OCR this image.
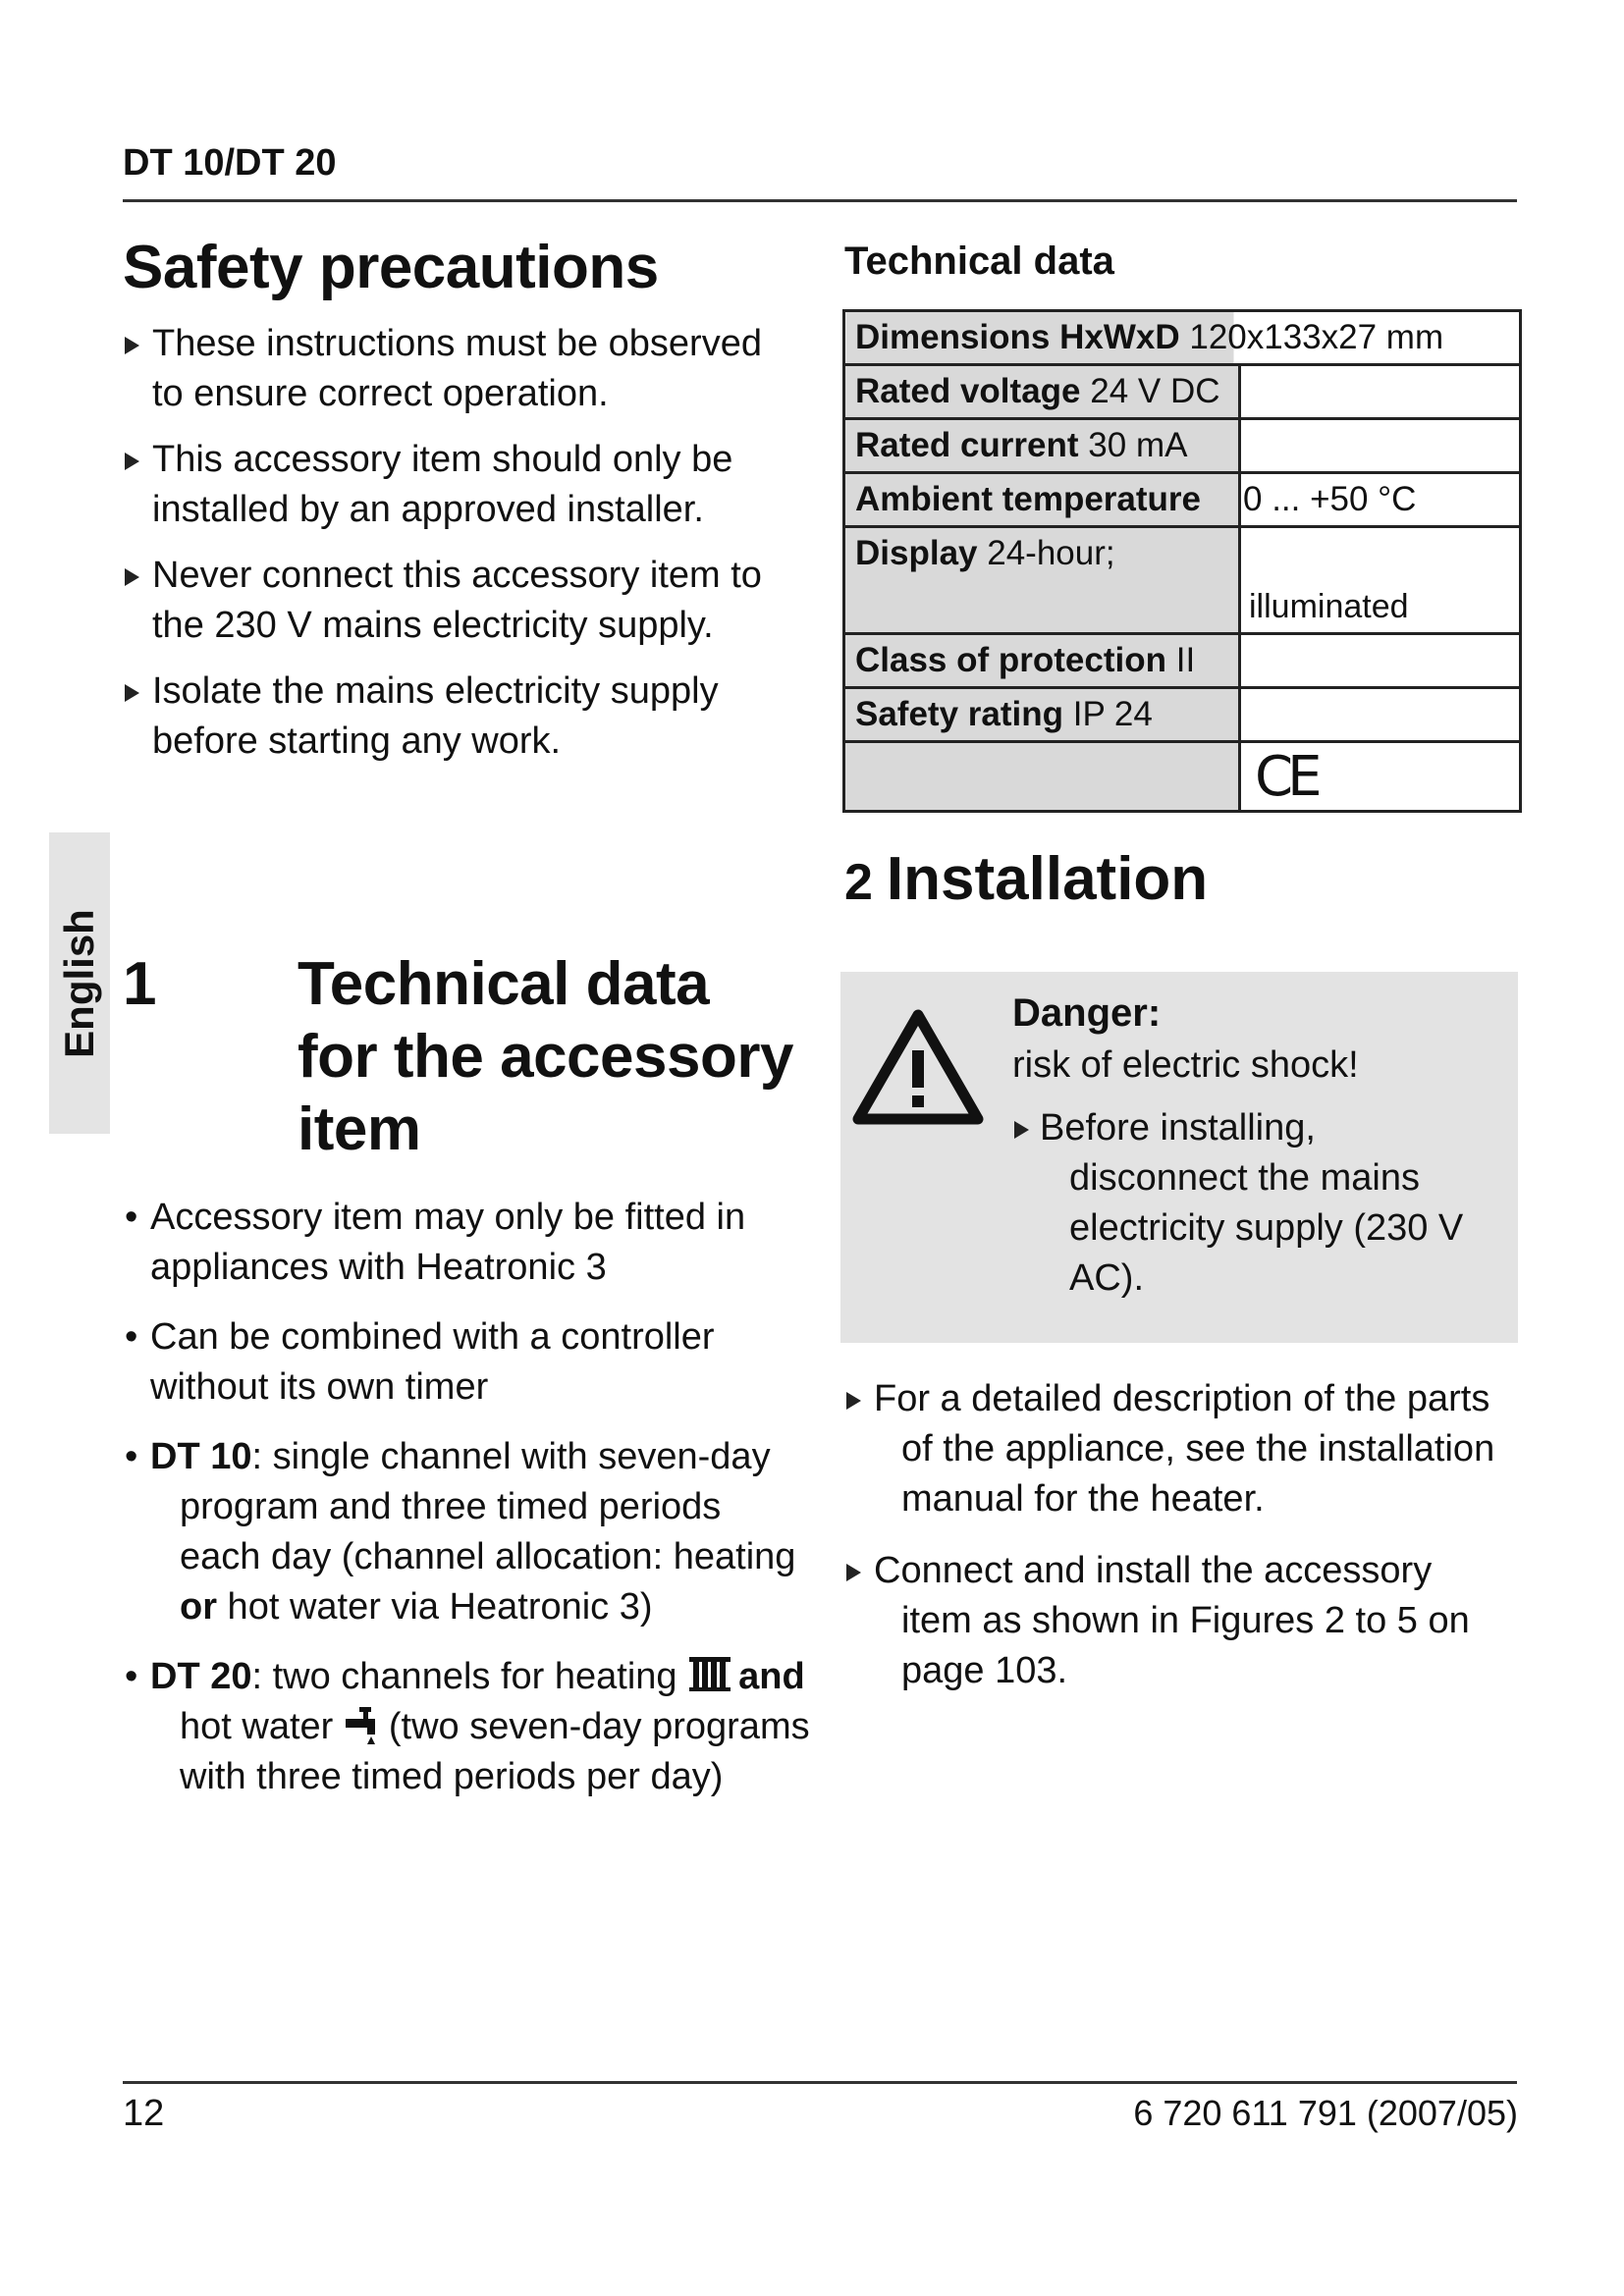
DT 10/DT 20
English
Safety precautions
These instructions must be observed to ensure correct operation.
This accessory item should only be installed by an approved installer.
Never connect this accessory item to the 230 V mains electricity supply.
Isolate the mains electricity supply before starting any work.
1 Technical data
for the accessory
item
• Accessory item may only be fitted in appliances with Heatronic 3
• Can be combined with a controller without its own timer
• DT 10: single channel with seven-day program and three timed periods each day (channel allocation: heating or hot water via Heatronic 3)
• DT 20: two channels for heating and hot water (two seven-day programs with three timed periods per day)
Technical data
Dimensions HxWxD 120x133x27 mm	
Rated voltage 24 V DC	
Rated current 30 mA	
Ambient temperature	0 ... +50 °C
Display 24-hour;	illuminated
Class of protection II	
Safety rating IP 24	
	CE
2 Installation
Danger:
risk of electric shock!
Before installing, disconnect the mains electricity supply (230 V AC).
For a detailed description of the parts of the appliance, see the installation manual for the heater.
Connect and install the accessory item as shown in Figures 2 to 5 on page 103.
12	6 720 611 791 (2007/05)
